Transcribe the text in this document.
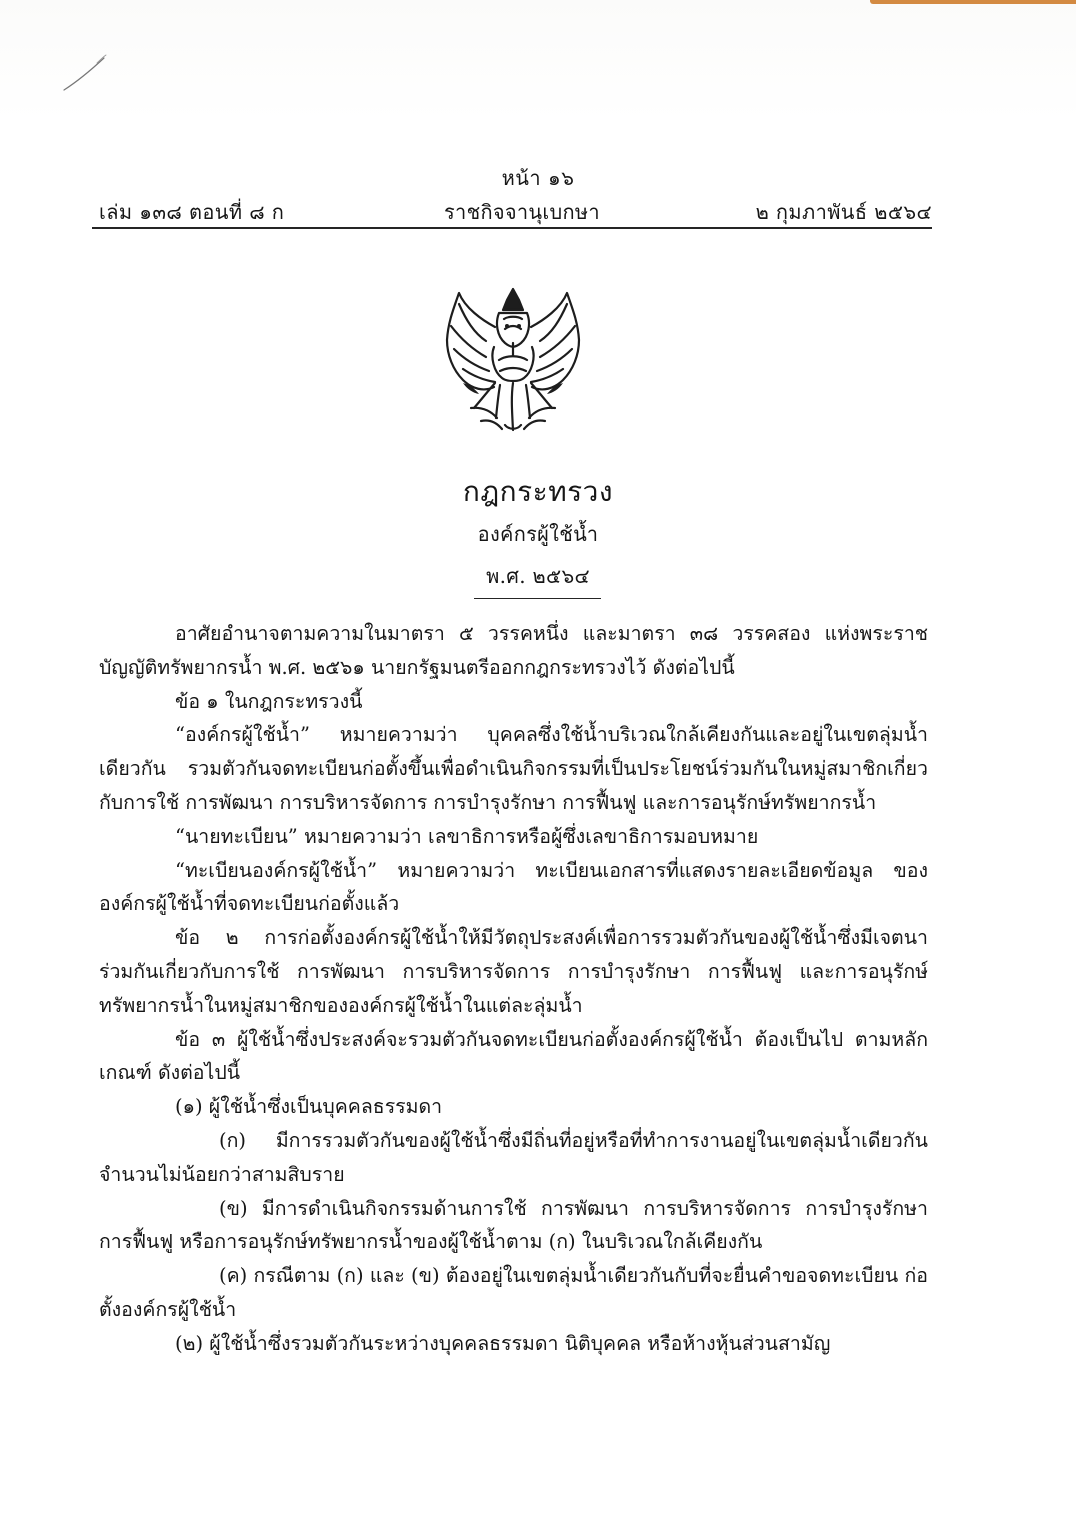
หน้า ๑๖
เล่ม ๑๓๘ ตอนที่ ๘ ก	ราชกิจจานุเบกษา	๒ กุมภาพันธ์ ๒๕๖๔
กฎกระทรวง
องค์กรผู้ใช้น้ำ
พ.ศ. ๒๕๖๔

อาศัยอำนาจตามความในมาตรา ๕ วรรคหนึ่ง และมาตรา ๓๘ วรรคสอง แห่งพระราชบัญญัติทรัพยากรน้ำ พ.ศ. ๒๕๖๑ นายกรัฐมนตรีออกกฎกระทรวงไว้ ดังต่อไปนี้

ข้อ ๑ ในกฎกระทรวงนี้

“องค์กรผู้ใช้น้ำ” หมายความว่า บุคคลซึ่งใช้น้ำบริเวณใกล้เคียงกันและอยู่ในเขตลุ่มน้ำเดียวกัน รวมตัวกันจดทะเบียนก่อตั้งขึ้นเพื่อดำเนินกิจกรรมที่เป็นประโยชน์ร่วมกันในหมู่สมาชิกเกี่ยวกับการใช้ การพัฒนา การบริหารจัดการ การบำรุงรักษา การฟื้นฟู และการอนุรักษ์ทรัพยากรน้ำ

“นายทะเบียน” หมายความว่า เลขาธิการหรือผู้ซึ่งเลขาธิการมอบหมาย

“ทะเบียนองค์กรผู้ใช้น้ำ” หมายความว่า ทะเบียนเอกสารที่แสดงรายละเอียดข้อมูล ขององค์กรผู้ใช้น้ำที่จดทะเบียนก่อตั้งแล้ว

ข้อ ๒ การก่อตั้งองค์กรผู้ใช้น้ำให้มีวัตถุประสงค์เพื่อการรวมตัวกันของผู้ใช้น้ำซึ่งมีเจตนา ร่วมกันเกี่ยวกับการใช้ การพัฒนา การบริหารจัดการ การบำรุงรักษา การฟื้นฟู และการอนุรักษ์ ทรัพยากรน้ำในหมู่สมาชิกขององค์กรผู้ใช้น้ำในแต่ละลุ่มน้ำ

ข้อ ๓ ผู้ใช้น้ำซึ่งประสงค์จะรวมตัวกันจดทะเบียนก่อตั้งองค์กรผู้ใช้น้ำ ต้องเป็นไป ตามหลักเกณฑ์ ดังต่อไปนี้

(๑) ผู้ใช้น้ำซึ่งเป็นบุคคลธรรมดา

(ก) มีการรวมตัวกันของผู้ใช้น้ำซึ่งมีถิ่นที่อยู่หรือที่ทำการงานอยู่ในเขตลุ่มน้ำเดียวกัน จำนวนไม่น้อยกว่าสามสิบราย

(ข) มีการดำเนินกิจกรรมด้านการใช้ การพัฒนา การบริหารจัดการ การบำรุงรักษา การฟื้นฟู หรือการอนุรักษ์ทรัพยากรน้ำของผู้ใช้น้ำตาม (ก) ในบริเวณใกล้เคียงกัน

(ค) กรณีตาม (ก) และ (ข) ต้องอยู่ในเขตลุ่มน้ำเดียวกันกับที่จะยื่นคำขอจดทะเบียน ก่อตั้งองค์กรผู้ใช้น้ำ

(๒) ผู้ใช้น้ำซึ่งรวมตัวกันระหว่างบุคคลธรรมดา นิติบุคคล หรือห้างหุ้นส่วนสามัญ
